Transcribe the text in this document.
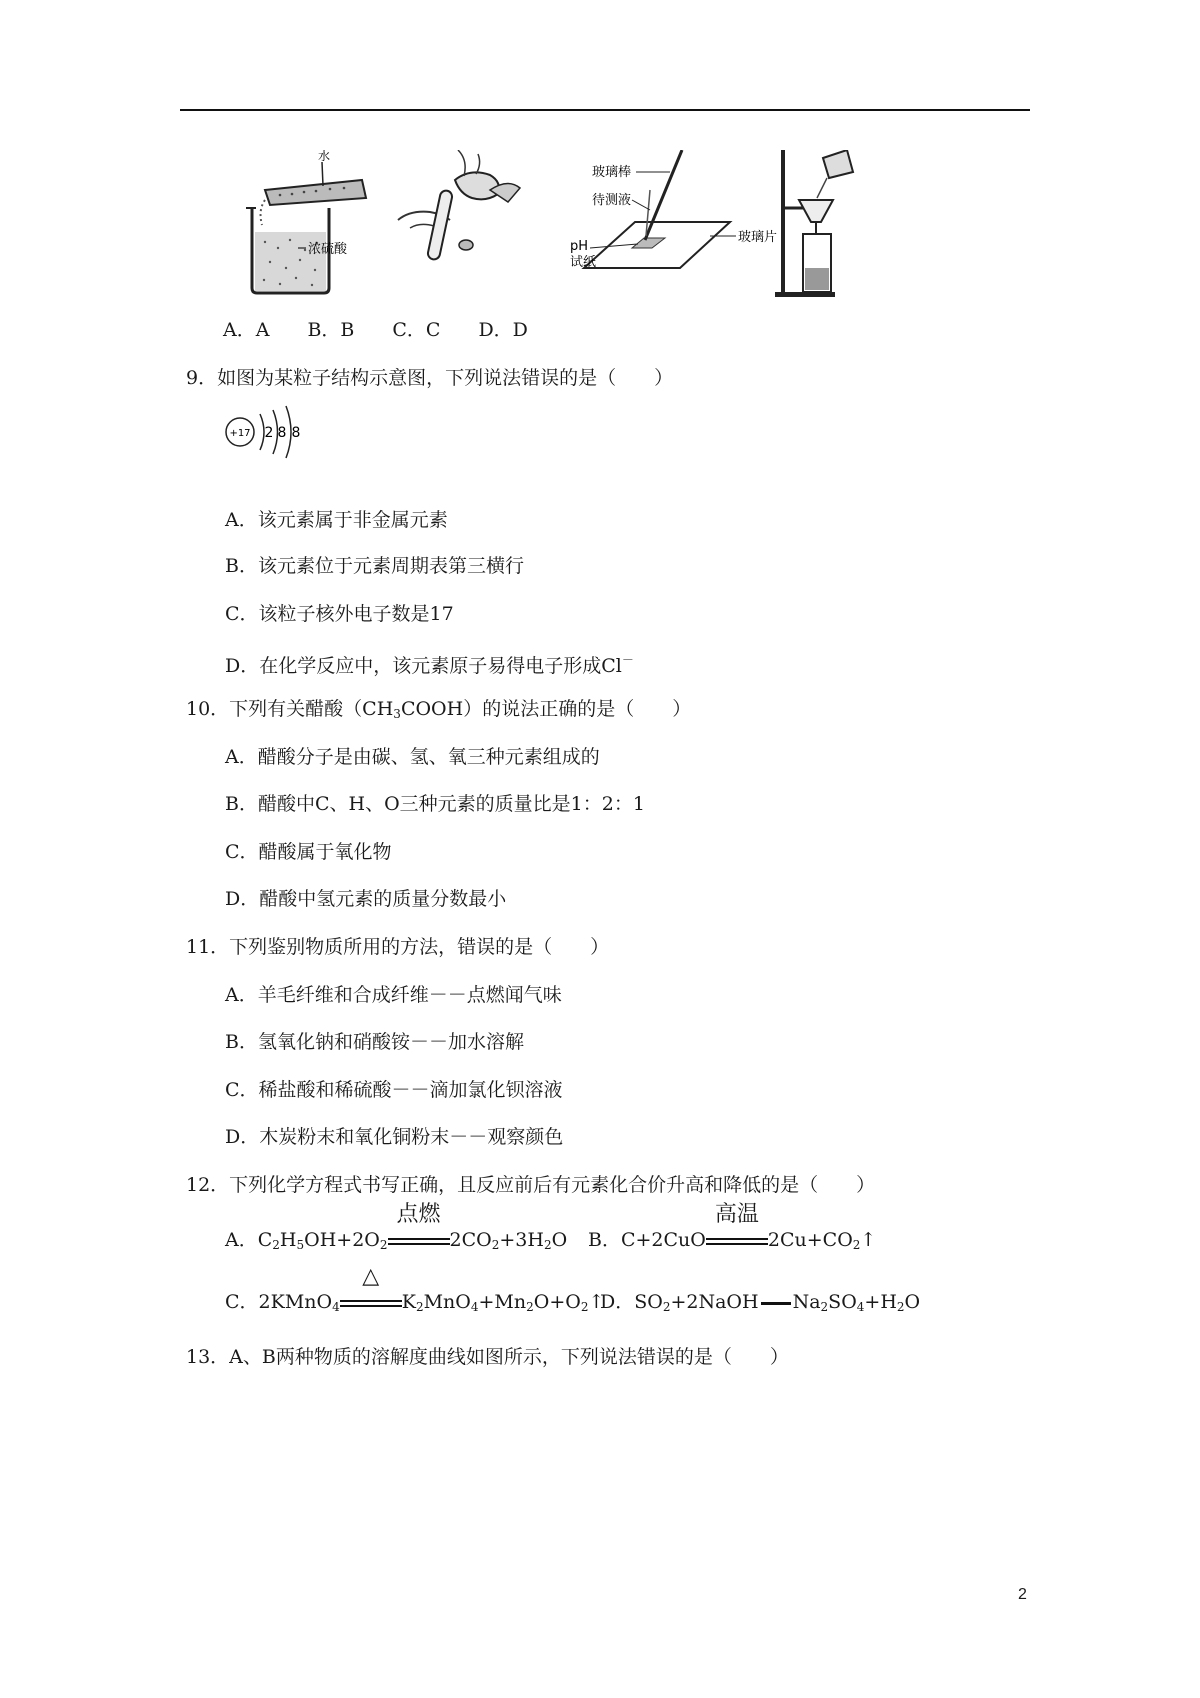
水
浓硫酸
玻璃棒
待测液
pH
试纸
玻璃片
A．A　　B．B　　C．C　　D．D
9．如图为某粒子结构示意图，下列说法错误的是（　　）
+17 2 8 8
A．该元素属于非金属元素
B．该元素位于元素周期表第三横行
C．该粒子核外电子数是17
D．在化学反应中，该元素原子易得电子形成Cl－
10．下列有关醋酸$(CH_3COOH)$的说法正确的是（　　）
A．醋酸分子是由碳、氢、氧三种元素组成的
B．醋酸中C、H、O三种元素的质量比是1：2：1
C．醋酸属于氧化物
D．醋酸中氢元素的质量分数最小
11．下列鉴别物质所用的方法，错误的是（　　）
A．羊毛纤维和合成纤维－－点燃闻气味
B．氢氧化钠和硝酸铵－－加水溶解
C．稀盐酸和稀硫酸－－滴加氯化钡溶液
D．木炭粉末和氧化铜粉末－－观察颜色
12．下列化学方程式书写正确，且反应前后有元素化合价升高和降低的是（　　）
A．$C_2H_5OH+2O_2$
点燃
$2CO_2+3H_2O$ B．C+2CuO
高温
$2Cu+CO_2↑$
C．2KMnO$_4$
△
$K_2MnO_4+Mn_2O+O_2↑$
D．$SO_2+2NaOH$ $Na_2SO_4+H_2O$
13．A、B两种物质的溶解度曲线如图所示，下列说法错误的是（　　）
2
